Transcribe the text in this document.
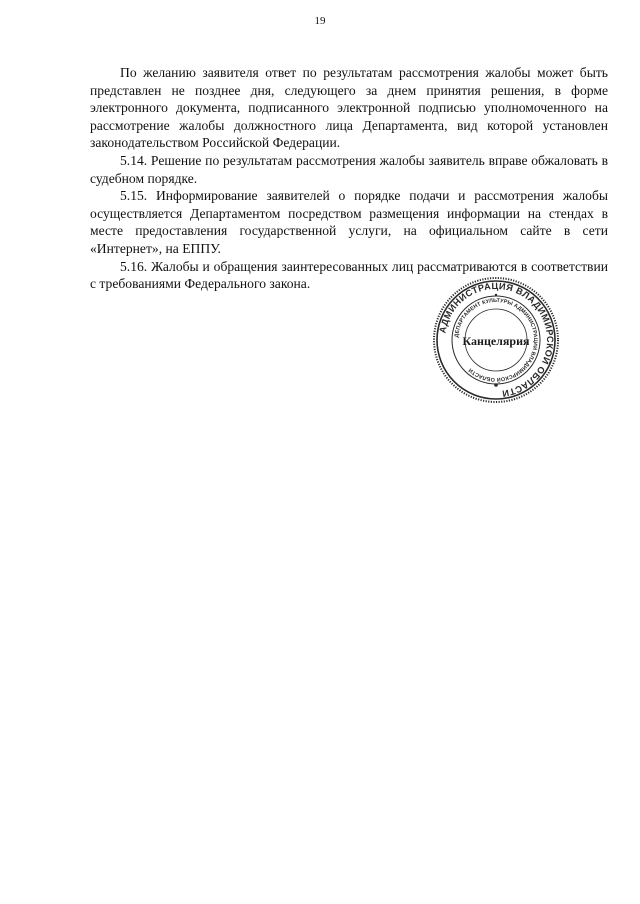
19

По желанию заявителя ответ по результатам рассмотрения жалобы может быть представлен не позднее дня, следующего за днем принятия решения, в форме электронного документа, подписанного электронной подписью уполномоченного на рассмотрение жалобы должностного лица Департамента, вид которой установлен законодательством Российской Федерации.

5.14. Решение по результатам рассмотрения жалобы заявитель вправе обжаловать в судебном порядке.

5.15. Информирование заявителей о порядке подачи и рассмотрения жалобы осуществляется Департаментом посредством размещения информации на стендах в месте предоставления государственной услуги, на официальном сайте в сети «Интернет», на ЕППУ.

5.16. Жалобы и обращения заинтересованных лиц рассматриваются в соответствии с требованиями Федерального закона.

АДМИНИСТРАЦИЯ ВЛАДИМИРСКОЙ ОБЛАСТИ
ДЕПАРТАМЕНТ КУЛЬТУРЫ АДМИНИСТРАЦИИ ВЛАДИМИРСКОЙ ОБЛАСТИ
Канцелярия
